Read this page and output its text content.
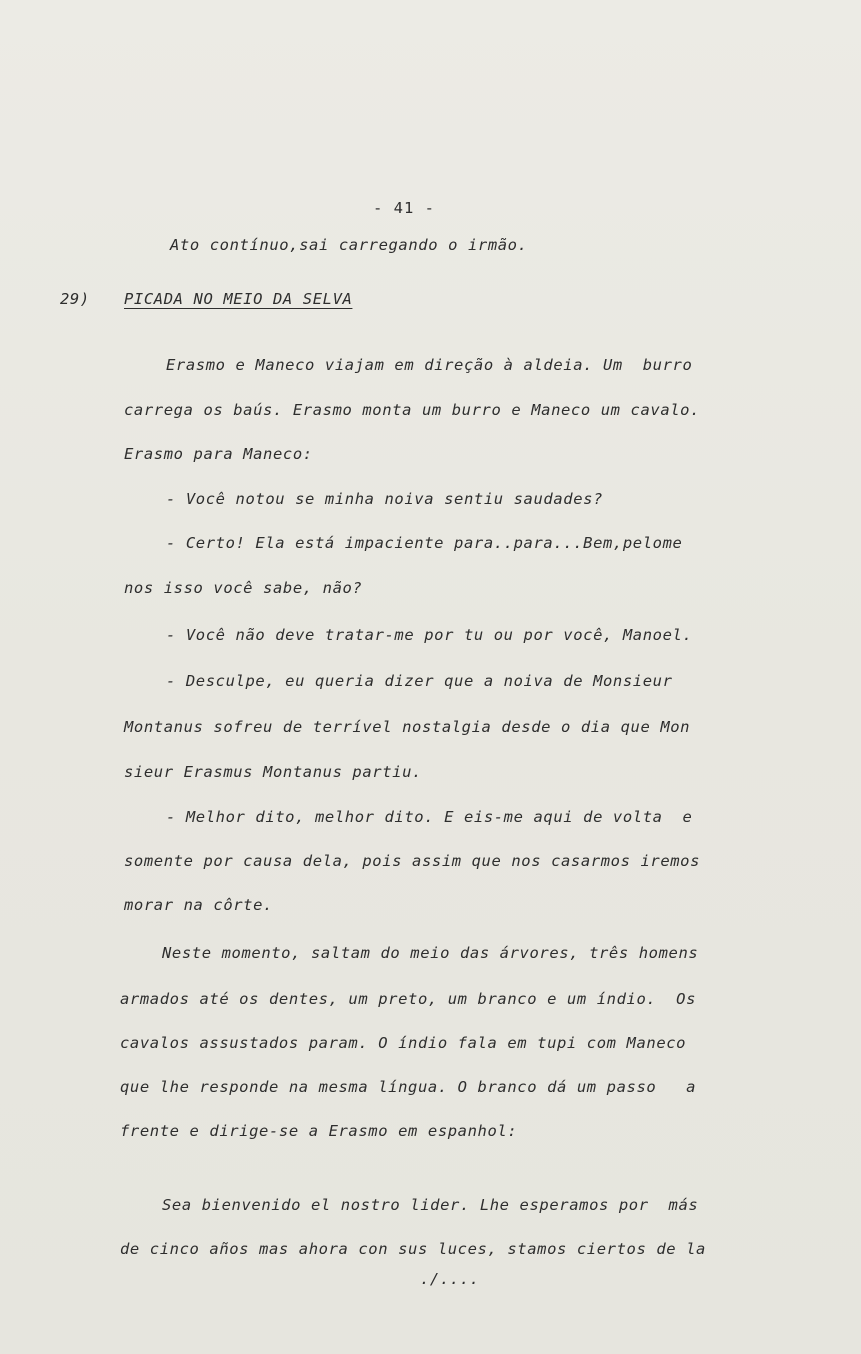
- 41 -
Ato contínuo,sai carregando o irmão.
29) PICADA NO MEIO DA SELVA
Erasmo e Maneco viajam em direção à aldeia. Um  burro
carrega os baús. Erasmo monta um burro e Maneco um cavalo.
Erasmo para Maneco:
- Você notou se minha noiva sentiu saudades?
- Certo! Ela está impaciente para..para...Bem,pelome
nos isso você sabe, não?
- Você não deve tratar-me por tu ou por você, Manoel.
- Desculpe, eu queria dizer que a noiva de Monsieur
Montanus sofreu de terrível nostalgia desde o dia que Mon
sieur Erasmus Montanus partiu.
- Melhor dito, melhor dito. E eis-me aqui de volta  e
somente por causa dela, pois assim que nos casarmos iremos
morar na côrte.
Neste momento, saltam do meio das árvores, três homens
armados até os dentes, um preto, um branco e um índio.  Os
cavalos assustados param. O índio fala em tupi com Maneco
que lhe responde na mesma língua. O branco dá um passo   a
frente e dirige-se a Erasmo em espanhol:
Sea bienvenido el nostro lider. Lhe esperamos por  más
de cinco años mas ahora con sus luces, stamos ciertos de la
./....
